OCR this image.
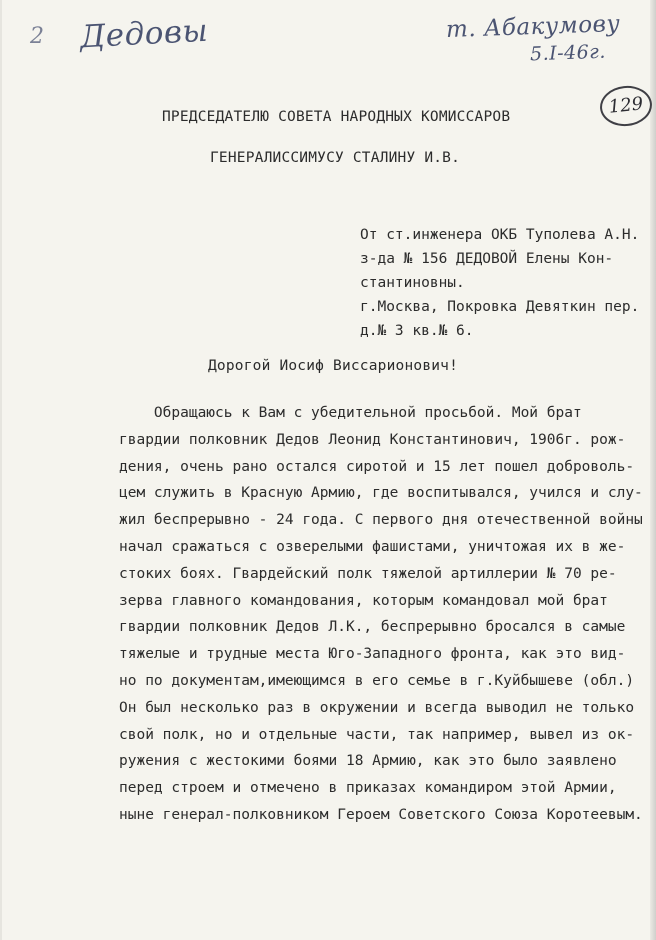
2 Дедовы	т. Абакумову
5.I-46г.
129
ПРЕДСЕДАТЕЛЮ СОВЕТА НАРОДНЫХ КОМИССАРОВ
ГЕНЕРАЛИССИМУСУ СТАЛИНУ И.В.
От ст.инженера ОКБ Туполева А.Н.
з-да № 156 ДЕДОВОЙ Елены Кон-
стантиновны.
г.Москва, Покровка Девяткин пер.
д.№ 3 кв.№ 6.
Дорогой Иосиф Виссарионович!
Обращаюсь к Вам с убедительной просьбой. Мой брат
гвардии полковник Дедов Леонид Константинович, 1906г. рож-
дения, очень рано остался сиротой и 15 лет пошел доброволь-
цем служить в Красную Армию, где воспитывался, учился и слу-
жил беспрерывно - 24 года. С первого дня отечественной войны
начал сражаться с озверелыми фашистами, уничтожая их в же-
стоких боях. Гвардейский полк тяжелой артиллерии № 70 ре-
зерва главного командования, которым командовал мой брат
гвардии полковник Дедов Л.К., беспрерывно бросался в самые
тяжелые и трудные места Юго-Западного фронта, как это вид-
но по документам,имеющимся в его семье в г.Куйбышеве (обл.)
Он был несколько раз в окружении и всегда выводил не только
свой полк, но и отдельные части, так например, вывел из ок-
ружения с жестокими боями 18 Армию, как это было заявлено
перед строем и отмечено в приказах командиром этой Армии,
ныне генерал-полковником Героем Советского Союза Коротеевым.
